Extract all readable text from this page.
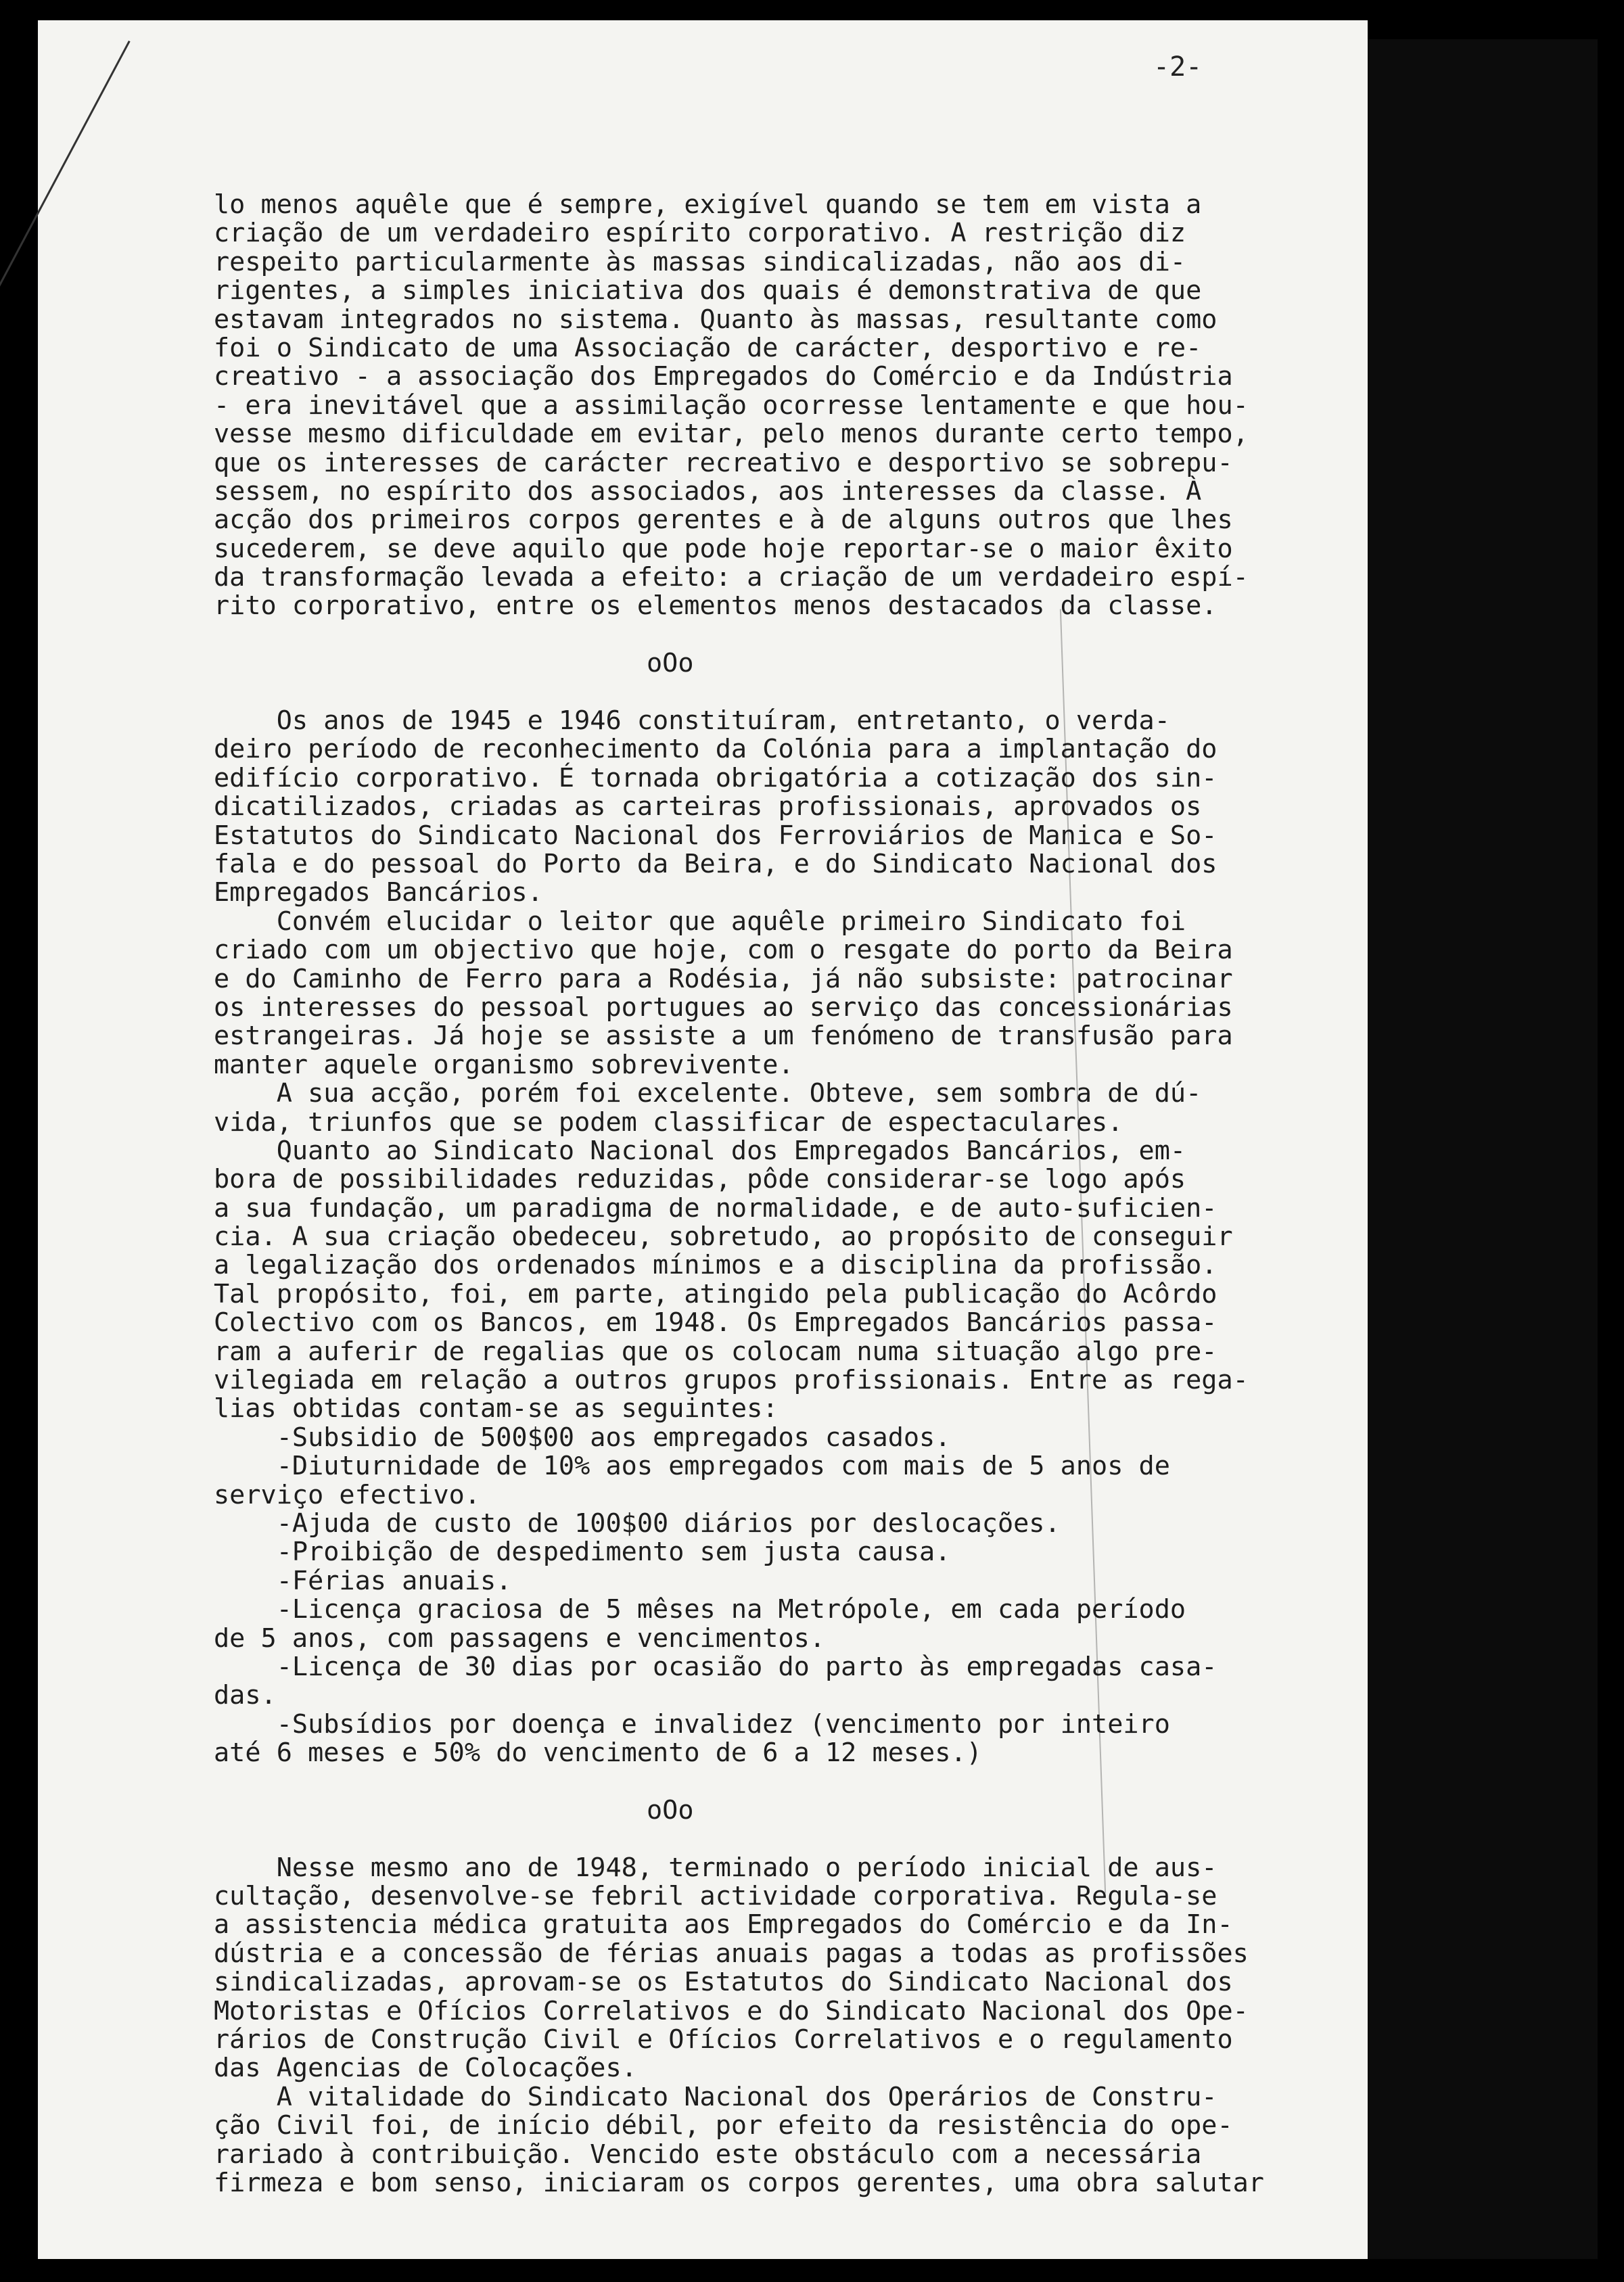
-2-
lo menos aquêle que é sempre, exigível quando se tem em vista a
criação de um verdadeiro espírito corporativo. A restrição diz
respeito particularmente às massas sindicalizadas, não aos di-
rigentes, a simples iniciativa dos quais é demonstrativa de que
estavam integrados no sistema. Quanto às massas, resultante como
foi o Sindicato de uma Associação de carácter, desportivo e re-
creativo - a associação dos Empregados do Comércio e da Indústria
- era inevitável que a assimilação ocorresse lentamente e que hou-
vesse mesmo dificuldade em evitar, pelo menos durante certo tempo,
que os interesses de carácter recreativo e desportivo se sobrepu-
sessem, no espírito dos associados, aos interesses da classe. À
acção dos primeiros corpos gerentes e à de alguns outros que lhes
sucederem, se deve aquilo que pode hoje reportar-se o maior êxito
da transformação levada a efeito: a criação de um verdadeiro espí-
rito corporativo, entre os elementos menos destacados da classe.
oOo
Os anos de 1945 e 1946 constituíram, entretanto, o verda-
deiro período de reconhecimento da Colónia para a implantação do
edifício corporativo. É tornada obrigatória a cotização dos sin-
dicatilizados, criadas as carteiras profissionais, aprovados os
Estatutos do Sindicato Nacional dos Ferroviários de Manica e So-
fala e do pessoal do Porto da Beira, e do Sindicato Nacional dos
Empregados Bancários.
Convém elucidar o leitor que aquêle primeiro Sindicato foi
criado com um objectivo que hoje, com o resgate do porto da Beira
e do Caminho de Ferro para a Rodésia, já não subsiste: patrocinar
os interesses do pessoal portugues ao serviço das concessionárias
estrangeiras. Já hoje se assiste a um fenómeno de transfusão para
manter aquele organismo sobrevivente.
A sua acção, porém foi excelente. Obteve, sem sombra de dú-
vida, triunfos que se podem classificar de espectaculares.
Quanto ao Sindicato Nacional dos Empregados Bancários, em-
bora de possibilidades reduzidas, pôde considerar-se logo após
a sua fundação, um paradigma de normalidade, e de auto-suficien-
cia. A sua criação obedeceu, sobretudo, ao propósito de conseguir
a legalização dos ordenados mínimos e a disciplina da profissão.
Tal propósito, foi, em parte, atingido pela publicação do Acôrdo
Colectivo com os Bancos, em 1948. Os Empregados Bancários passa-
ram a auferir de regalias que os colocam numa situação algo pre-
vilegiada em relação a outros grupos profissionais. Entre as rega-
lias obtidas contam-se as seguintes:
-Subsidio de 500$00 aos empregados casados.
-Diuturnidade de 10% aos empregados com mais de 5 anos de
serviço efectivo.
-Ajuda de custo de 100$00 diários por deslocações.
-Proibição de despedimento sem justa causa.
-Férias anuais.
-Licença graciosa de 5 mêses na Metrópole, em cada período
de 5 anos, com passagens e vencimentos.
-Licença de 30 dias por ocasião do parto às empregadas casa-
das.
-Subsídios por doença e invalidez (vencimento por inteiro
até 6 meses e 50% do vencimento de 6 a 12 meses.)
oOo
Nesse mesmo ano de 1948, terminado o período inicial de aus-
cultação, desenvolve-se febril actividade corporativa. Regula-se
a assistencia médica gratuita aos Empregados do Comércio e da In-
dústria e a concessão de férias anuais pagas a todas as profissões
sindicalizadas, aprovam-se os Estatutos do Sindicato Nacional dos
Motoristas e Ofícios Correlativos e do Sindicato Nacional dos Ope-
rários de Construção Civil e Ofícios Correlativos e o regulamento
das Agencias de Colocações.
A vitalidade do Sindicato Nacional dos Operários de Constru-
ção Civil foi, de início débil, por efeito da resistência do ope-
rariado à contribuição. Vencido este obstáculo com a necessária
firmeza e bom senso, iniciaram os corpos gerentes, uma obra salutar
